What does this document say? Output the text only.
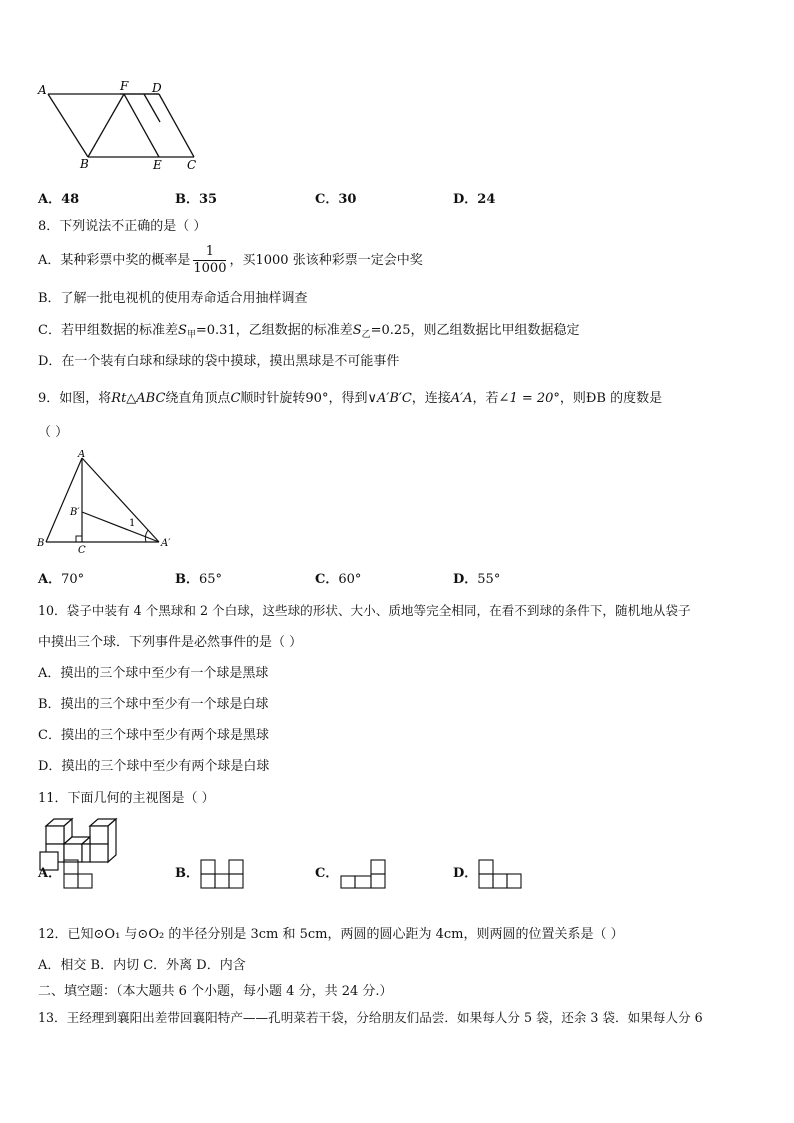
A	F D
B	E C
A．48	B．35	C．30	D．24
8．下列说法不正确的是（ ）
A．某种彩票中奖的概率是 $\frac{1}{1000}$ ，买1000 张该种彩票一定会中奖
B．了解一批电视机的使用寿命适合用抽样调查
C．若甲组数据的标准差$S_甲=0.31$，乙组数据的标准差$S_乙=0.25$，则乙组数据比甲组数据稳定
D．在一个装有白球和绿球的袋中摸球，摸出黑球是不可能事件
9．如图，将Rt△ABC绕直角顶点C顺时针旋转90°，得到∨A′B′C，连接A′A，若∠1 = 20°，则ÐB 的度数是
（ ）
A
B′
1
B
C
A′
A．70°	B．65°	C．60°	D．55°
10．袋子中装有 4 个黑球和 2 个白球，这些球的形状、大小、质地等完全相同，在看不到球的条件下，随机地从袋子
中摸出三个球．下列事件是必然事件的是（ ）
A．摸出的三个球中至少有一个球是黑球
B．摸出的三个球中至少有一个球是白球
C．摸出的三个球中至少有两个球是黑球
D．摸出的三个球中至少有两个球是白球
11．下面几何的主视图是（ ）
A．	B．	C．	D．
12．已知⊙O₁ 与⊙O₂ 的半径分别是 3cm 和 5cm，两圆的圆心距为 4cm，则两圆的位置关系是（ ）
A．相交 B．内切 C．外离 D．内含
二、填空题：（本大题共 6 个小题，每小题 4 分，共 24 分.）
13．王经理到襄阳出差带回襄阳特产——孔明菜若干袋，分给朋友们品尝．如果每人分 5 袋，还余 3 袋．如果每人分 6
